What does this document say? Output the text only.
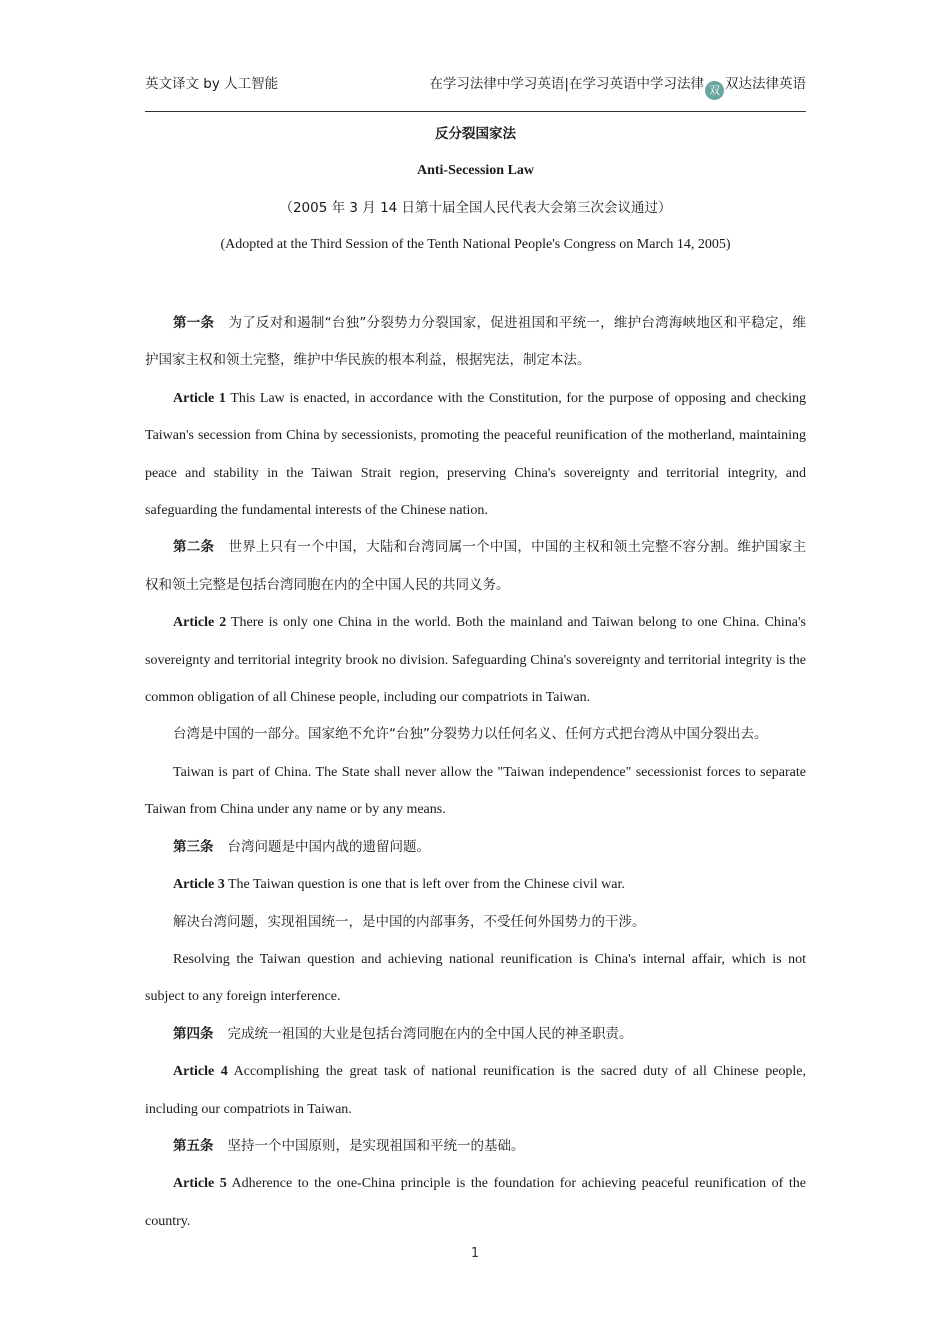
英文译文 by 人工智能	在学习法律中学习英语|在学习英语中学习法律 双 双达法律英语

反分裂国家法

Anti-Secession Law

（2005 年 3 月 14 日第十届全国人民代表大会第三次会议通过）

(Adopted at the Third Session of the Tenth National People's Congress on March 14, 2005)

第一条 为了反对和遏制“台独”分裂势力分裂国家，促进祖国和平统一，维护台湾海峡地区和平稳定，维护国家主权和领土完整，维护中华民族的根本利益，根据宪法，制定本法。

Article 1 This Law is enacted, in accordance with the Constitution, for the purpose of opposing and checking Taiwan's secession from China by secessionists, promoting the peaceful reunification of the motherland, maintaining peace and stability in the Taiwan Strait region, preserving China's sovereignty and territorial integrity, and safeguarding the fundamental interests of the Chinese nation.

第二条 世界上只有一个中国，大陆和台湾同属一个中国，中国的主权和领土完整不容分割。维护国家主权和领土完整是包括台湾同胞在内的全中国人民的共同义务。

Article 2 There is only one China in the world. Both the mainland and Taiwan belong to one China. China's sovereignty and territorial integrity brook no division. Safeguarding China's sovereignty and territorial integrity is the common obligation of all Chinese people, including our compatriots in Taiwan.

台湾是中国的一部分。国家绝不允许“台独”分裂势力以任何名义、任何方式把台湾从中国分裂出去。

Taiwan is part of China. The State shall never allow the "Taiwan independence" secessionist forces to separate Taiwan from China under any name or by any means.

第三条 台湾问题是中国内战的遗留问题。

Article 3 The Taiwan question is one that is left over from the Chinese civil war.

解决台湾问题，实现祖国统一，是中国的内部事务，不受任何外国势力的干涉。

Resolving the Taiwan question and achieving national reunification is China's internal affair, which is not subject to any foreign interference.

第四条 完成统一祖国的大业是包括台湾同胞在内的全中国人民的神圣职责。

Article 4 Accomplishing the great task of national reunification is the sacred duty of all Chinese people, including our compatriots in Taiwan.

第五条 坚持一个中国原则，是实现祖国和平统一的基础。

Article 5 Adherence to the one-China principle is the foundation for achieving peaceful reunification of the country.

1
